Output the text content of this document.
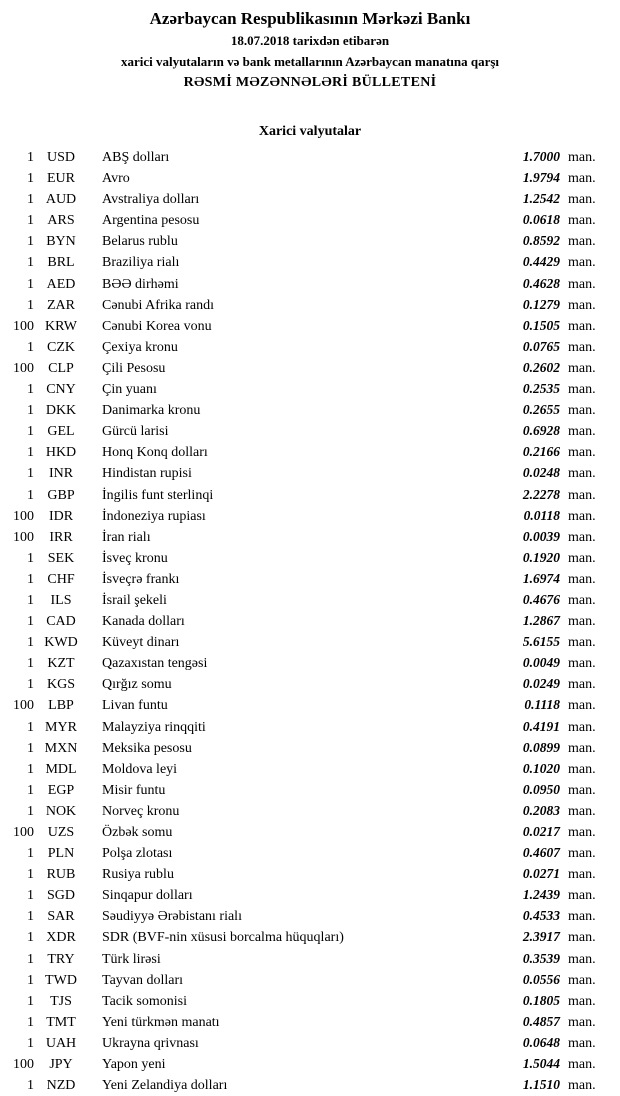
Azərbaycan Respublikasının Mərkəzi Bankı
18.07.2018 tarixdən etibarən
xarici valyutaların və bank metallarının Azərbaycan manatına qarşı
RƏSMİ MƏZƏNNƏLƏRİ BÜLLETENİ
Xarici valyutalar
1 USD	ABŞ dolları	1.7000 man.
1 EUR	Avro	1.9794 man.
1 AUD	Avstraliya dolları	1.2542 man.
1 ARS	Argentina pesosu	0.0618 man.
1 BYN	Belarus rublu	0.8592 man.
1 BRL	Braziliya rialı	0.4429 man.
1 AED	BƏƏ dirhəmi	0.4628 man.
1 ZAR	Cənubi Afrika randı	0.1279 man.
100 KRW	Cənubi Korea vonu	0.1505 man.
1 CZK	Çexiya kronu	0.0765 man.
100	CLP	Çili Pesosu	0.2602 man.
1 CNY	Çin yuanı	0.2535 man.
1 DKK	Danimarka kronu	0.2655 man.
1 GEL	Gürcü larisi	0.6928 man.
1 HKD	Honq Konq dolları	0.2166 man.
1	INR	Hindistan rupisi	0.0248 man.
1 GBP	İngilis funt sterlinqi	2.2278 man.
100	IDR	İndoneziya rupiası	0.0118 man.
100	IRR	İran rialı	0.0039 man.
1 SEK	İsveç kronu	0.1920 man.
1 CHF	İsveçrə frankı	1.6974 man.
1	ILS	İsrail şekeli	0.4676 man.
1 CAD	Kanada dolları	1.2867 man.
1 KWD	Küveyt dinarı	5.6155 man.
1 KZT	Qazaxıstan tengəsi	0.0049 man.
1 KGS	Qırğız somu	0.0249 man.
100	LBP	Livan funtu	0.1118 man.
1 MYR	Malayziya rinqqiti	0.4191 man.
1 MXN	Meksika pesosu	0.0899 man.
1 MDL	Moldova leyi	0.1020 man.
1 EGP	Misir funtu	0.0950 man.
1 NOK	Norveç kronu	0.2083 man.
100 UZS	Özbək somu	0.0217 man.
1 PLN	Polşa zlotası	0.4607 man.
1 RUB	Rusiya rublu	0.0271 man.
1 SGD	Sinqapur dolları	1.2439 man.
1 SAR	Səudiyyə Ərəbistanı rialı	0.4533 man.
1 XDR	SDR (BVF-nin xüsusi borcalma hüquqları)	2.3917 man.
1 TRY	Türk lirəsi	0.3539 man.
1 TWD	Tayvan dolları	0.0556 man.
1	TJS	Tacik somonisi	0.1805 man.
1 TMT	Yeni türkmən manatı	0.4857 man.
1 UAH	Ukrayna qrivnası	0.0648 man.
100	JPY	Yapon yeni	1.5044 man.
1 NZD	Yeni Zelandiya dolları	1.1510 man.
